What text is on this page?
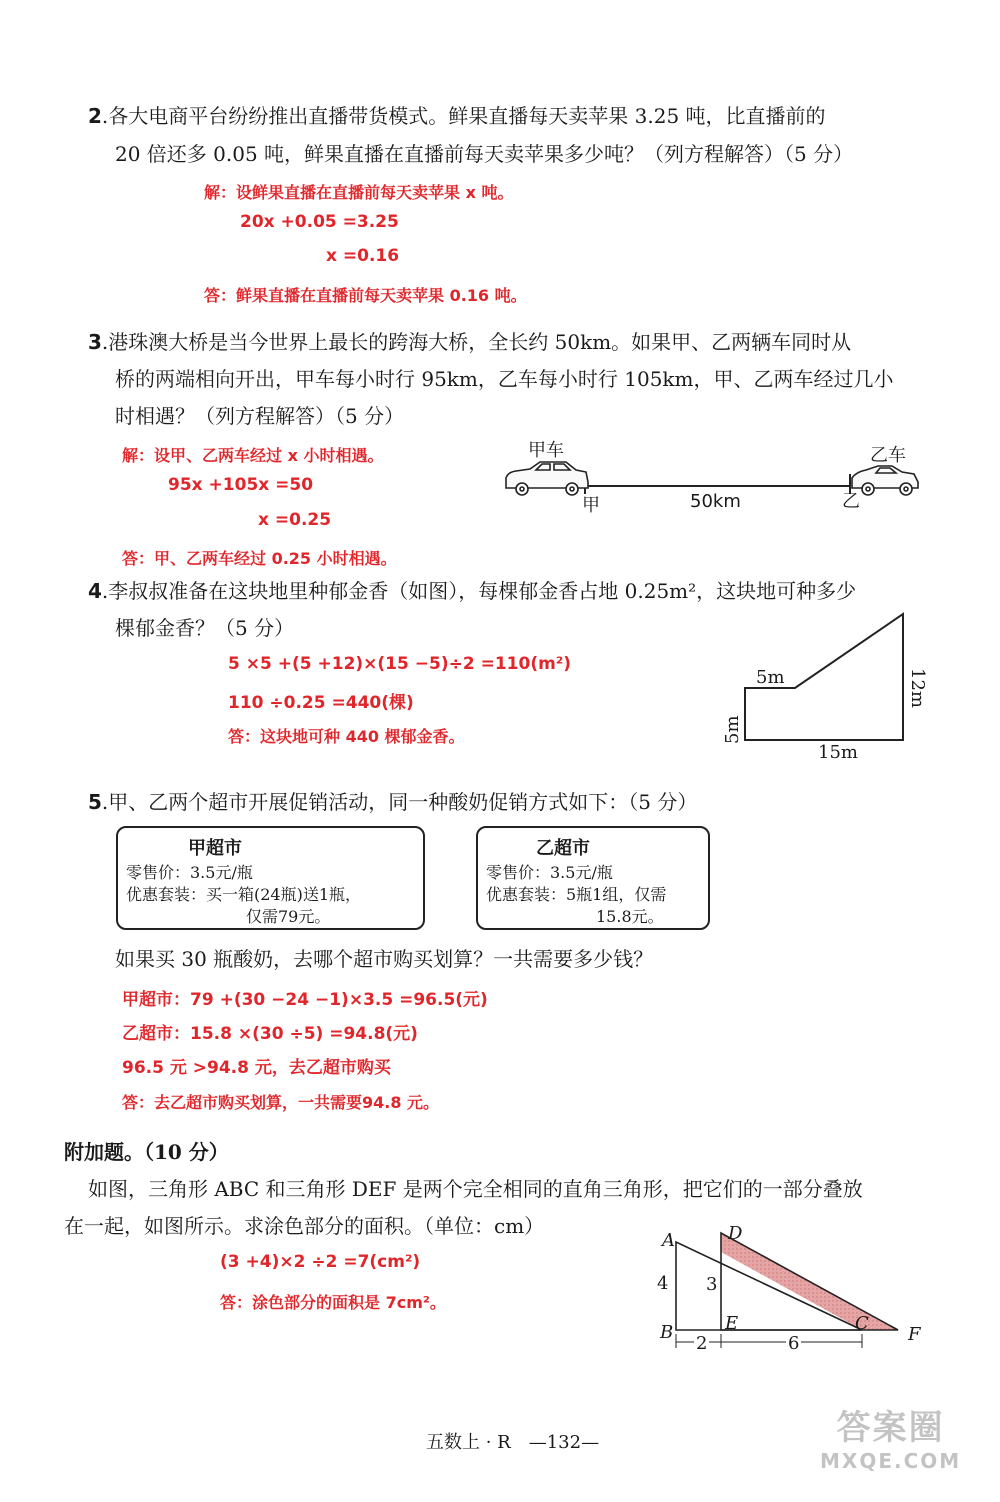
2.各大电商平台纷纷推出直播带货模式。鲜果直播每天卖苹果 3.25 吨，比直播前的
20 倍还多 0.05 吨，鲜果直播在直播前每天卖苹果多少吨？（列方程解答）（5 分）
解：设鲜果直播在直播前每天卖苹果 x 吨。
20x +0.05 =3.25
x =0.16
答：鲜果直播在直播前每天卖苹果 0.16 吨。
3.港珠澳大桥是当今世界上最长的跨海大桥，全长约 50km。如果甲、乙两辆车同时从
桥的两端相向开出，甲车每小时行 95km，乙车每小时行 105km，甲、乙两车经过几小
时相遇？（列方程解答）（5 分）
解：设甲、乙两车经过 x 小时相遇。
95x +105x =50
x =0.25
答：甲、乙两车经过 0.25 小时相遇。
甲车	乙车
甲	50km	乙
4.李叔叔准备在这块地里种郁金香（如图），每棵郁金香占地 0.25m²，这块地可种多少
棵郁金香？（5 分）
5 ×5 +(5 +12)×(15 −5)÷2 =110(m²)
110 ÷0.25 =440(棵)
答：这块地可种 440 棵郁金香。
5m
5m
12m
15m
5.甲、乙两个超市开展促销活动，同一种酸奶促销方式如下：（5 分）
甲超市
零售价：3.5元/瓶
优惠套装：买一箱(24瓶)送1瓶，
仅需79元。
乙超市
零售价：3.5元/瓶
优惠套装：5瓶1组，仅需
15.8元。
如果买 30 瓶酸奶，去哪个超市购买划算？一共需要多少钱？
甲超市：79 +(30 −24 −1)×3.5 =96.5(元)
乙超市：15.8 ×(30 ÷5) =94.8(元)
96.5 元 >94.8 元，去乙超市购买
答：去乙超市购买划算，一共需要94.8 元。
附加题。（10 分）
如图，三角形 ABC 和三角形 DEF 是两个完全相同的直角三角形，把它们的一部分叠放
在一起，如图所示。求涂色部分的面积。（单位：cm）
(3 +4)×2 ÷2 =7(cm²)
答：涂色部分的面积是 7cm²。
A	D
4 3
B	E	C
F
2	6
五数上 · R　—132—	答案圈
MXQE.COM
